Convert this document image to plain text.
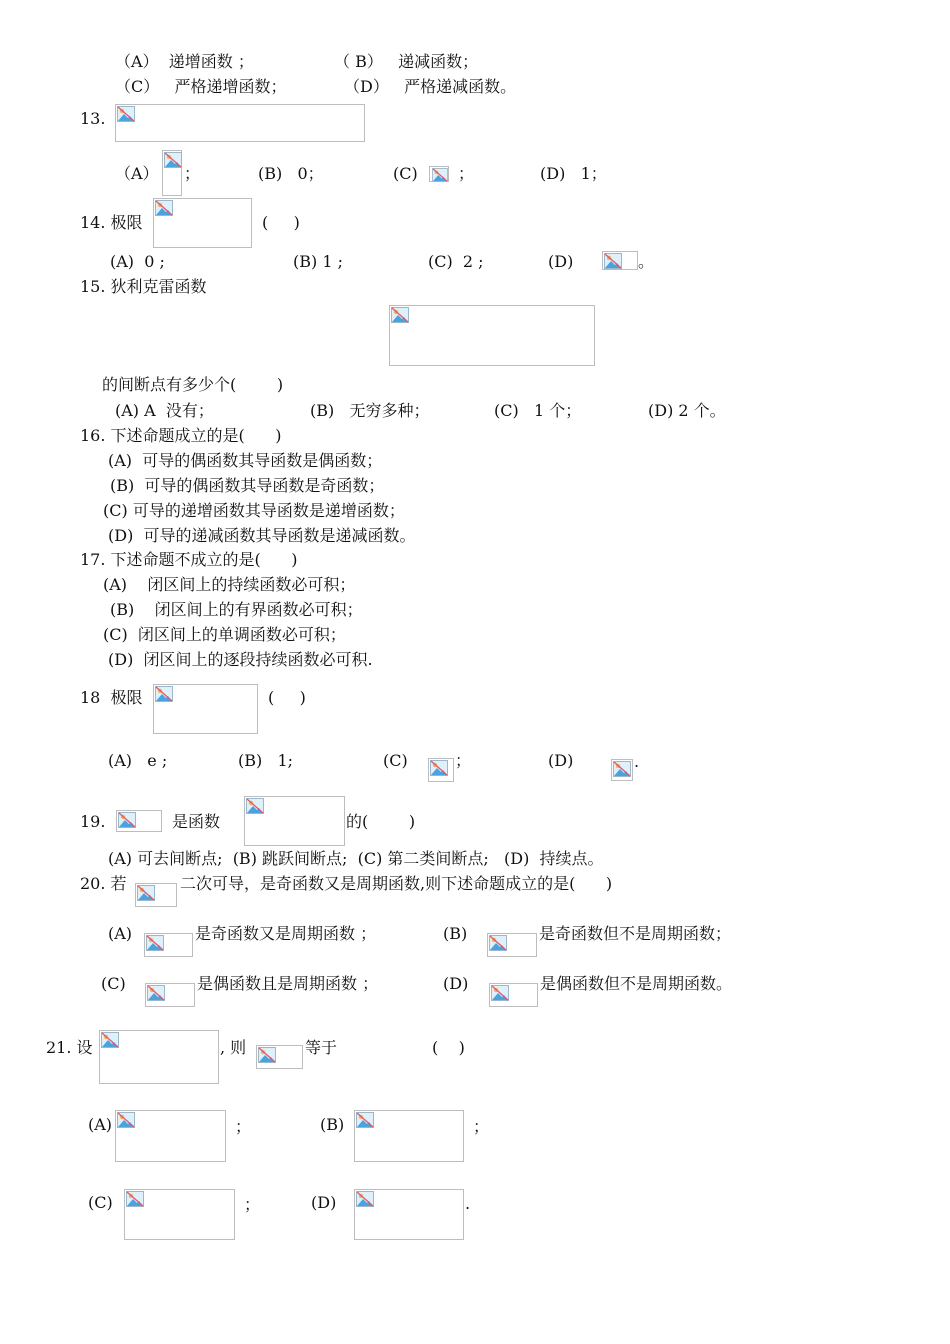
（A）  递增函数 ；	（ B）   递减函数；
（C）   严格递增函数；	（D）   严格递减函数。
13.
（A） ；	(B)   0；	(C)	；	(D)   1；
14. 极限	(     )
(A)  0 ;	(B) 1 ;	(C)  2 ;	(D)	。
15. 狄利克雷函数
的间断点有多少个(        )
(A) A  没有；	(B)   无穷多种；	(C)   1 个；	(D) 2 个。
16. 下述命题成立的是(      )
(A)  可导的偶函数其导函数是偶函数；
(B)  可导的偶函数其导函数是奇函数；
(C) 可导的递增函数其导函数是递增函数；
(D)  可导的递减函数其导函数是递减函数。
17. 下述命题不成立的是(      )
(A)    闭区间上的持续函数必可积；
(B)    闭区间上的有界函数必可积；
(C)  闭区间上的单调函数必可积；
(D)  闭区间上的逐段持续函数必可积.
18  极限	(     )
(A)   e ;	(B)   1;	(C)	；	(D)	.
19.	是函数	的(        )
(A) 可去间断点;  (B) 跳跃间断点;  (C) 第二类间断点;   (D)  持续点。
20. 若	二次可导，是奇函数又是周期函数,则下述命题成立的是(      )
(A)	是奇函数又是周期函数 ；	(B)	是奇函数但不是周期函数；
(C)	是偶函数且是周期函数 ；	(D)	是偶函数但不是周期函数。
21. 设	, 则	等于	(    )
(A)	；	(B)	；
(C)	；	(D)	.
